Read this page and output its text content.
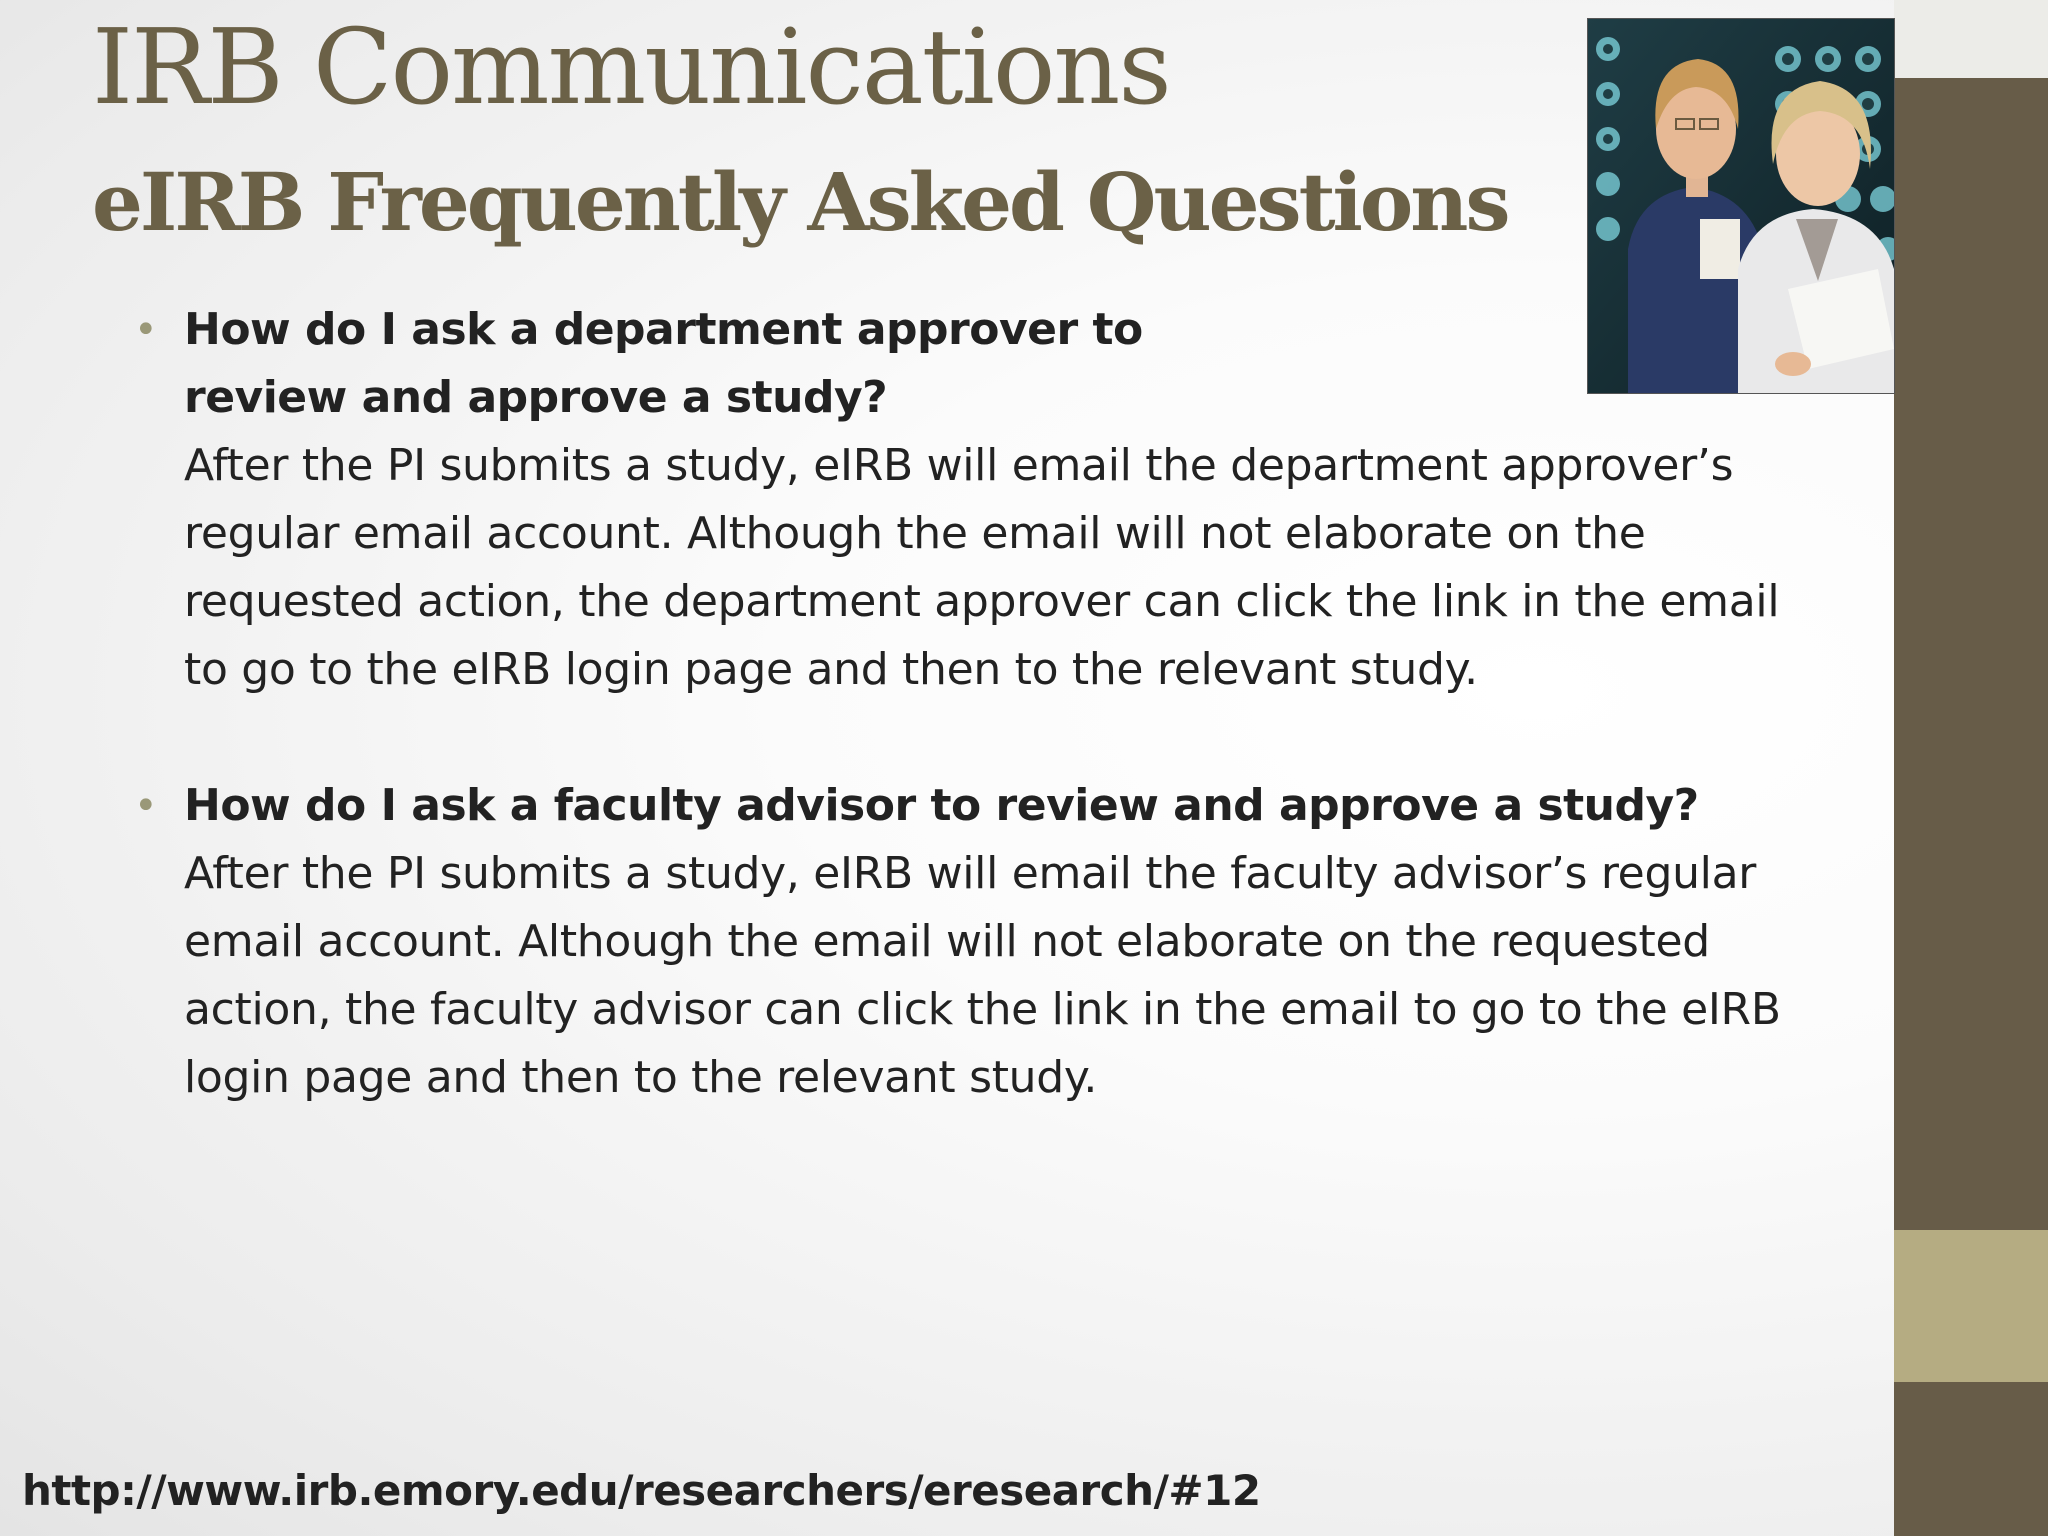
IRB Communications
eIRB Frequently Asked Questions
• How do I ask a department approver to review and approve a study?
After the PI submits a study, eIRB will email the department approver’s regular email account. Although the email will not elaborate on the requested action, the department approver can click the link in the email to go to the eIRB login page and then to the relevant study.
• How do I ask a faculty advisor to review and approve a study?
After the PI submits a study, eIRB will email the faculty advisor’s regular email account. Although the email will not elaborate on the requested action, the faculty advisor can click the link in the email to go to the eIRB login page and then to the relevant study.
http://www.irb.emory.edu/researchers/eresearch/#12
